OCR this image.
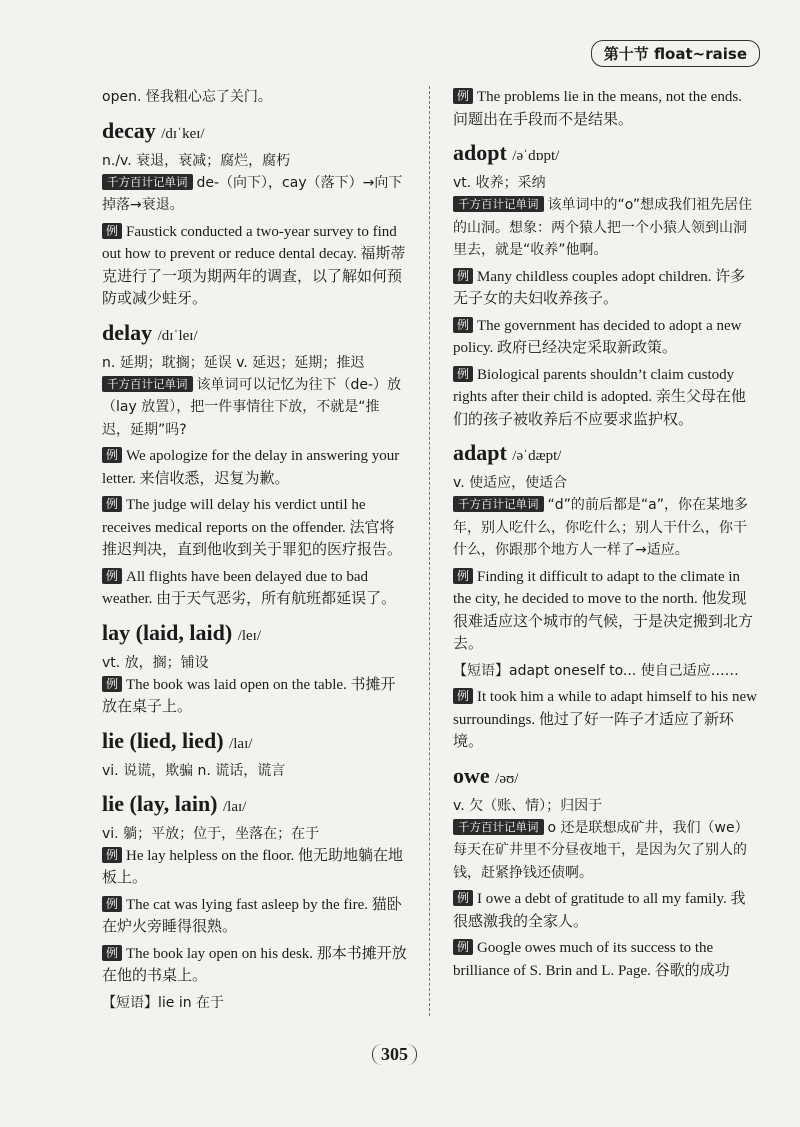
第十节 float~raise
open. 怪我粗心忘了关门。
decay /dɪˈkeɪ/
n./v. 衰退，衰减；腐烂，腐朽
千方百计记单词 de-（向下），cay（落下）→向下掉落→衰退。
例 Faustick conducted a two-year survey to find out how to prevent or reduce dental decay. 福斯蒂克进行了一项为期两年的调查，以了解如何预防或减少蛀牙。
delay /dɪˈleɪ/
n. 延期；耽搁；延误 v. 延迟；延期；推迟
千方百计记单词 该单词可以记忆为往下（de-）放（lay 放置），把一件事情往下放，不就是“推迟，延期”吗?
例 We apologize for the delay in answering your letter. 来信收悉，迟复为歉。
例 The judge will delay his verdict until he receives medical reports on the offender. 法官将推迟判决，直到他收到关于罪犯的医疗报告。
例 All flights have been delayed due to bad weather. 由于天气恶劣，所有航班都延误了。
lay (laid, laid) /leɪ/
vt. 放，搁；铺设
例 The book was laid open on the table. 书摊开放在桌子上。
lie (lied, lied) /laɪ/
vi. 说谎，欺骗 n. 谎话，谎言
lie (lay, lain) /laɪ/
vi. 躺；平放；位于，坐落在；在于
例 He lay helpless on the floor. 他无助地躺在地板上。
例 The cat was lying fast asleep by the fire. 猫卧在炉火旁睡得很熟。
例 The book lay open on his desk. 那本书摊开放在他的书桌上。
【短语】lie in 在于
例 The problems lie in the means, not the ends. 问题出在手段而不是结果。
adopt /əˈdɒpt/
vt. 收养；采纳
千方百计记单词 该单词中的“o”想成我们祖先居住的山洞。想象：两个猿人把一个小猿人领到山洞里去，就是“收养”他啊。
例 Many childless couples adopt children. 许多无子女的夫妇收养孩子。
例 The government has decided to adopt a new policy. 政府已经决定采取新政策。
例 Biological parents shouldn’t claim custody rights after their child is adopted. 亲生父母在他们的孩子被收养后不应要求监护权。
adapt /əˈdæpt/
v. 使适应，使适合
千方百计记单词 “d”的前后都是“a”，你在某地多年，别人吃什么，你吃什么；别人干什么，你干什么，你跟那个地方人一样了→适应。
例 Finding it difficult to adapt to the climate in the city, he decided to move to the north. 他发现很难适应这个城市的气候，于是决定搬到北方去。
【短语】adapt oneself to... 使自己适应……
例 It took him a while to adapt himself to his new surroundings. 他过了好一阵子才适应了新环境。
owe /əʊ/
v. 欠（账、情）；归因于
千方百计记单词 o 还是联想成矿井，我们（we）每天在矿井里不分昼夜地干，是因为欠了别人的钱，赶紧挣钱还债啊。
例 I owe a debt of gratitude to all my family. 我很感激我的全家人。
例 Google owes much of its success to the brilliance of S. Brin and L. Page. 谷歌的成功
305
